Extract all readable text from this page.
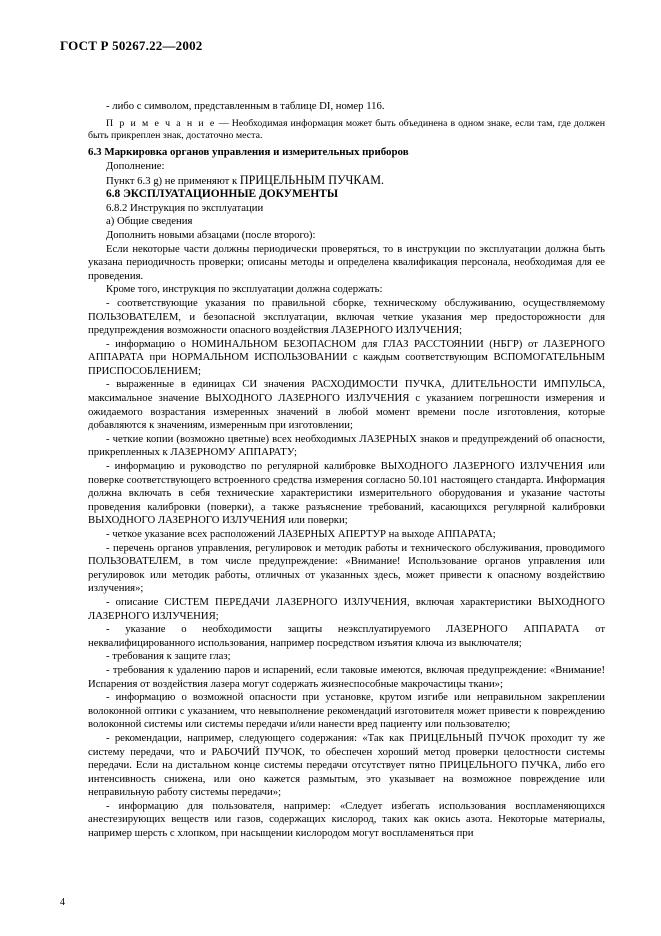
ГОСТ Р 50267.22—2002

- либо с символом, представленным в таблице DI, номер 116.

П р и м е ч а н и е — Необходимая информация может быть объединена в одном знаке, если там, где должен быть прикреплен знак, достаточно места.

6.3 Маркировка органов управления и измерительных приборов

Дополнение:

Пункт 6.3 g) не применяют к ПРИЦЕЛЬНЫМ ПУЧКАМ.

6.8 ЭКСПЛУАТАЦИОННЫЕ ДОКУМЕНТЫ

6.8.2 Инструкция по эксплуатации

а) Общие сведения

Дополнить новыми абзацами (после второго):

Если некоторые части должны периодически проверяться, то в инструкции по эксплуатации должна быть указана периодичность проверки; описаны методы и определена квалификация персонала, необходимая для ее проведения.

Кроме того, инструкция по эксплуатации должна содержать:

- соответствующие указания по правильной сборке, техническому обслуживанию, осуществляемому ПОЛЬЗОВАТЕЛЕМ, и безопасной эксплуатации, включая четкие указания мер предосторожности для предупреждения возможности опасного воздействия ЛАЗЕРНОГО ИЗЛУЧЕНИЯ;

- информацию о НОМИНАЛЬНОМ БЕЗОПАСНОМ для ГЛАЗ РАССТОЯНИИ (НБГР) от ЛАЗЕРНОГО АППАРАТА при НОРМАЛЬНОМ ИСПОЛЬЗОВАНИИ с каждым соответствующим ВСПОМОГАТЕЛЬНЫМ ПРИСПОСОБЛЕНИЕМ;

- выраженные в единицах СИ значения РАСХОДИМОСТИ ПУЧКА, ДЛИТЕЛЬНОСТИ ИМПУЛЬСА, максимальное значение ВЫХОДНОГО ЛАЗЕРНОГО ИЗЛУЧЕНИЯ с указанием погрешности измерения и ожидаемого возрастания измеренных значений в любой момент времени после изготовления, которые добавляются к значениям, измеренным при изготовлении;

- четкие копии (возможно цветные) всех необходимых ЛАЗЕРНЫХ знаков и предупреждений об опасности, прикрепленных к ЛАЗЕРНОМУ АППАРАТУ;

- информацию и руководство по регулярной калибровке ВЫХОДНОГО ЛАЗЕРНОГО ИЗЛУЧЕНИЯ или поверке соответствующего встроенного средства измерения согласно 50.101 настоящего стандарта. Информация должна включать в себя технические характеристики измерительного оборудования и указание частоты проведения калибровки (поверки), а также разъяснение требований, касающихся регулярной калибровки ВЫХОДНОГО ЛАЗЕРНОГО ИЗЛУЧЕНИЯ или поверки;

- четкое указание всех расположений ЛАЗЕРНЫХ АПЕРТУР на выходе АППАРАТА;

- перечень органов управления, регулировок и методик работы и технического обслуживания, проводимого ПОЛЬЗОВАТЕЛЕМ, в том числе предупреждение: «Внимание! Использование органов управления или регулировок или методик работы, отличных от указанных здесь, может привести к опасному воздействию излучения»;

- описание СИСТЕМ ПЕРЕДАЧИ ЛАЗЕРНОГО ИЗЛУЧЕНИЯ, включая характеристики ВЫХОДНОГО ЛАЗЕРНОГО ИЗЛУЧЕНИЯ;

- указание о необходимости защиты неэксплуатируемого ЛАЗЕРНОГО АППАРАТА от неквалифицированного использования, например посредством изъятия ключа из выключателя;

- требования к защите глаз;

- требования к удалению паров и испарений, если таковые имеются, включая предупреждение: «Внимание! Испарения от воздействия лазера могут содержать жизнеспособные макрочастицы ткани»;

- информацию о возможной опасности при установке, крутом изгибе или неправильном закреплении волоконной оптики с указанием, что невыполнение рекомендаций изготовителя может привести к повреждению волоконной системы или системы передачи и/или нанести вред пациенту или пользователю;

- рекомендации, например, следующего содержания: «Так как ПРИЦЕЛЬНЫЙ ПУЧОК проходит ту же систему передачи, что и РАБОЧИЙ ПУЧОК, то обеспечен хороший метод проверки целостности системы передачи. Если на дистальном конце системы передачи отсутствует пятно ПРИЦЕЛЬНОГО ПУЧКА, либо его интенсивность снижена, или оно кажется размытым, это указывает на возможное повреждение или неправильную работу системы передачи»;

- информацию для пользователя, например: «Следует избегать использования воспламеняющихся анестезирующих веществ или газов, содержащих кислород, таких как окись азота. Некоторые материалы, например шерсть с хлопком, при насыщении кислородом могут воспламеняться при

4
